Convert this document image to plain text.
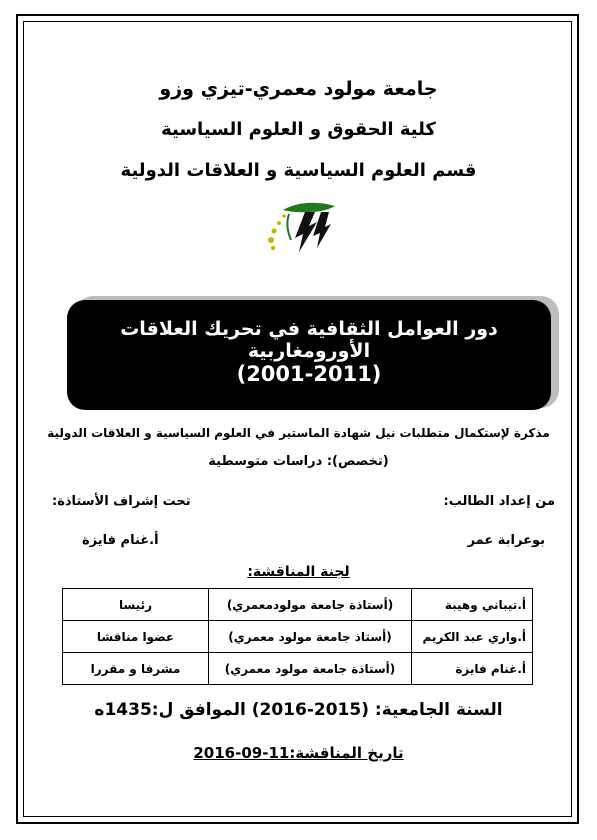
جامعة مولود معمري-تيزي وزو
كلية الحقوق و العلوم السياسية
قسم العلوم السياسية و العلاقات الدولية
دور العوامل الثقافية في تحريك العلاقات الأورومغاربية
(2001-2011)
مذكرة لإستكمال متطلبات نيل شهادة الماستير في العلوم السياسية و العلاقات الدولية
(تخصص): دراسات متوسطية
من إعداد الطالب:
تحت إشراف الأستاذة:
بوعرابة عمر
أ.غنام فايزة
لجنة المناقشة:
أ.تيباني وهيبة	(أستاذة جامعة مولودمعمري)	رئيسا
أ.واري عبد الكريم	(أستاذ جامعة مولود معمري)	عضوا مناقشا
أ.غنام فايزة	(أستاذة جامعة مولود معمري)	مشرفا و مقررا
السنة الجامعية: (2015-2016) الموافق ل:1435ه
تاريخ المناقشة:11-09-2016
